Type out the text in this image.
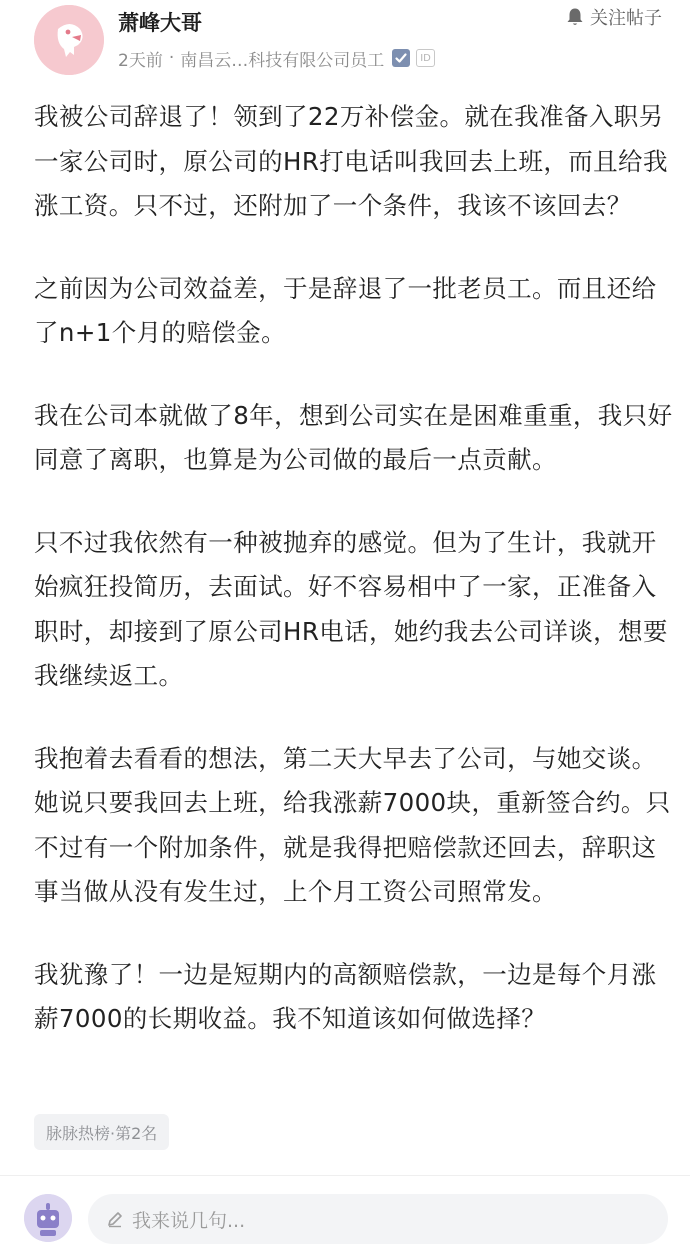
萧峰大哥
2天前 · 南昌云…科技有限公司员工	ID
关注帖子

我被公司辞退了！领到了22万补偿金。就在我准备入职另一家公司时，原公司的HR打电话叫我回去上班，而且给我涨工资。只不过，还附加了一个条件，我该不该回去？

之前因为公司效益差，于是辞退了一批老员工。而且还给了n+1个月的赔偿金。

我在公司本就做了8年，想到公司实在是困难重重，我只好同意了离职，也算是为公司做的最后一点贡献。

只不过我依然有一种被抛弃的感觉。但为了生计，我就开始疯狂投简历，去面试。好不容易相中了一家，正准备入职时，却接到了原公司HR电话，她约我去公司详谈，想要我继续返工。

我抱着去看看的想法，第二天大早去了公司，与她交谈。她说只要我回去上班，给我涨薪7000块，重新签合约。只不过有一个附加条件，就是我得把赔偿款还回去，辞职这事当做从没有发生过，上个月工资公司照常发。

我犹豫了！一边是短期内的高额赔偿款，一边是每个月涨薪7000的长期收益。我不知道该如何做选择？

脉脉热榜·第2名
我来说几句...
